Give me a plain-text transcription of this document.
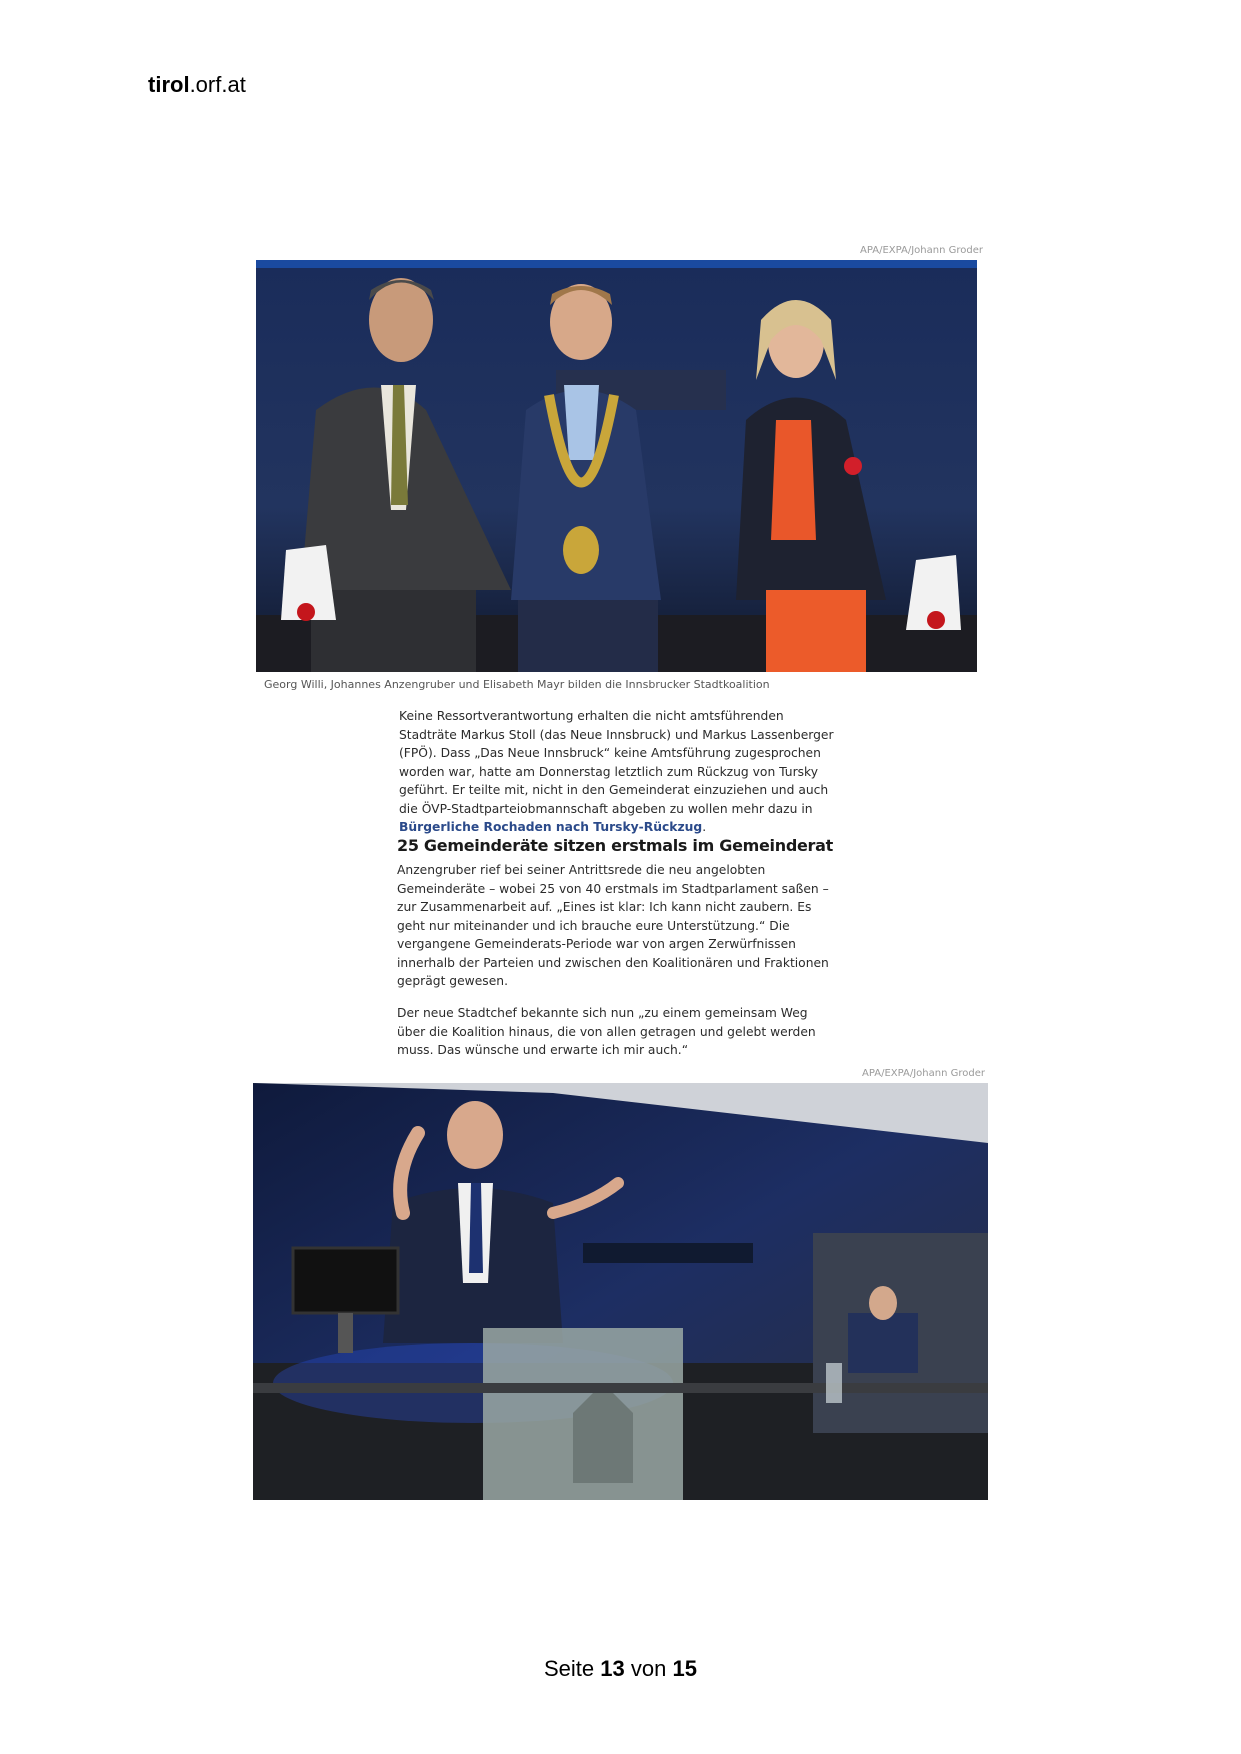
tirol.orf.at
APA/EXPA/Johann Groder
Georg Willi, Johannes Anzengruber und Elisabeth Mayr bilden die Innsbrucker Stadtkoalition

Keine Ressortverantwortung erhalten die nicht amtsführenden Stadträte Markus Stoll (das Neue Innsbruck) und Markus Lassenberger (FPÖ). Dass „Das Neue Innsbruck“ keine Amtsführung zugesprochen worden war, hatte am Donnerstag letztlich zum Rückzug von Tursky geführt. Er teilte mit, nicht in den Gemeinderat einzuziehen und auch die ÖVP-Stadtparteiobmannschaft abgeben zu wollen mehr dazu in
Bürgerliche Rochaden nach Tursky-Rückzug.

25 Gemeinderäte sitzen erstmals im Gemeinderat

Anzengruber rief bei seiner Antrittsrede die neu angelobten Gemeinderäte – wobei 25 von 40 erstmals im Stadtparlament saßen – zur Zusammenarbeit auf. „Eines ist klar: Ich kann nicht zaubern. Es geht nur miteinander und ich brauche eure Unterstützung.“ Die vergangene Gemeinderats-Periode war von argen Zerwürfnissen innerhalb der Parteien und zwischen den Koalitionären und Fraktionen geprägt gewesen.

Der neue Stadtchef bekannte sich nun „zu einem gemeinsam Weg über die Koalition hinaus, die von allen getragen und gelebt werden muss. Das wünsche und erwarte ich mir auch.“

APA/EXPA/Johann Groder
Seite 13 von 15
